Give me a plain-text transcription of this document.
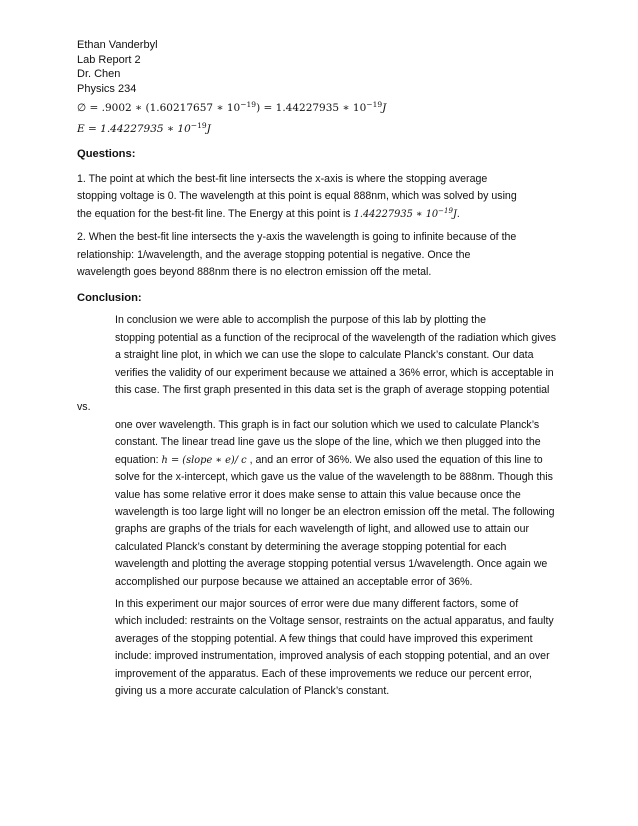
Ethan Vanderbyl

Lab Report 2

Dr. Chen

Physics 234

∅ = .9002 ∗ (1.60217657 ∗ $10^{-19}) = 1.44227935$ ∗ $10^{-19}J$

E = 1.44227935 ∗ $10^{-19}J$

Questions:

1. The point at which the best-fit line intersects the x-axis is where the stopping average
stopping voltage is 0. The wavelength at this point is equal 888nm, which was solved by using
the equation for the best-fit line. The Energy at this point is 1.44227935 ∗ $10^{-19}J$.

2. When the best-fit line intersects the y-axis the wavelength is going to infinite because of the
relationship: 1/wavelength, and the average stopping potential is negative. Once the
wavelength goes beyond 888nm there is no electron emission off the metal.

Conclusion:

In conclusion we were able to accomplish the purpose of this lab by plotting the
stopping potential as a function of the reciprocal of the wavelength of the radiation which gives
a straight line plot, in which we can use the slope to calculate Planck’s constant. Our data
verifies the validity of our experiment because we attained a 36% error, which is acceptable in
this case. The first graph presented in this data set is the graph of average stopping potential vs.
one over wavelength. This graph is in fact our solution which we used to calculate Planck’s
constant. The linear tread line gave us the slope of the line, which we then plugged into the
equation: h = (slope ∗ e)/ c , and an error of 36%. We also used the equation of this line to
solve for the x-intercept, which gave us the value of the wavelength to be 888nm. Though this
value has some relative error it does make sense to attain this value because once the
wavelength is too large light will no longer be an electron emission off the metal. The following
graphs are graphs of the trials for each wavelength of light, and allowed use to attain our
calculated Planck’s constant by determining the average stopping potential for each
wavelength and plotting the average stopping potential versus 1/wavelength. Once again we
accomplished our purpose because we attained an acceptable error of 36%.

In this experiment our major sources of error were due many different factors, some of
which included: restraints on the Voltage sensor, restraints on the actual apparatus, and faulty
averages of the stopping potential. A few things that could have improved this experiment
include: improved instrumentation, improved analysis of each stopping potential, and an over
improvement of the apparatus. Each of these improvements we reduce our percent error,
giving us a more accurate calculation of Planck’s constant.
